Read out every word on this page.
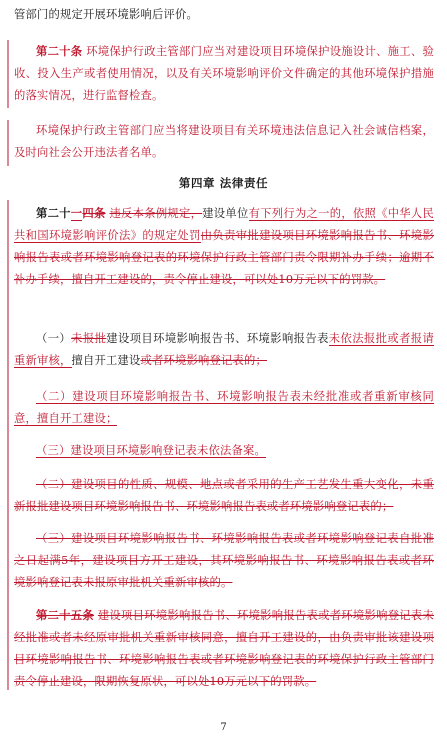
管部门的规定开展环境影响后评价。
第二十条 环境保护行政主管部门应当对建设项目环境保护设施设计、施工、验收、投入生产或者使用情况，以及有关环境影响评价文件确定的其他环境保护措施的落实情况，进行监督检查。
环境保护行政主管部门应当将建设项目有关环境违法信息记入社会诚信档案，及时向社会公开违法者名单。
第四章 法律责任
第二十一四条 违反本条例规定，建设单位有下列行为之一的，依照《中华人民共和国环境影响评价法》的规定处罚由负责审批建设项目环境影响报告书、环境影响报告表或者环境影响登记表的环境保护行政主管部门责令限期补办手续；逾期不补办手续，擅自开工建设的，责令停止建设，可以处10万元以下的罚款。
（一）未报批建设项目环境影响报告书、环境影响报告表未依法报批或者报请重新审核，擅自开工建设或者环境影响登记表的；
（二）建设项目环境影响报告书、环境影响报告表未经批准或者重新审核同意，擅自开工建设；
（三）建设项目环境影响登记表未依法备案。
（二）建设项目的性质、规模、地点或者采用的生产工艺发生重大变化，未重新报批建设项目环境影响报告书、环境影响报告表或者环境影响登记表的；
（三）建设项目环境影响报告书、环境影响报告表或者环境影响登记表自批准之日起满5年，建设项目方开工建设，其环境影响报告书、环境影响报告表或者环境影响登记表未报原审批机关重新审核的。
第二十五条 建设项目环境影响报告书、环境影响报告表或者环境影响登记表未经批准或者未经原审批机关重新审核同意，擅自开工建设的，由负责审批该建设项目环境影响报告书、环境影响报告表或者环境影响登记表的环境保护行政主管部门责令停止建设，限期恢复原状，可以处10万元以下的罚款。
7
